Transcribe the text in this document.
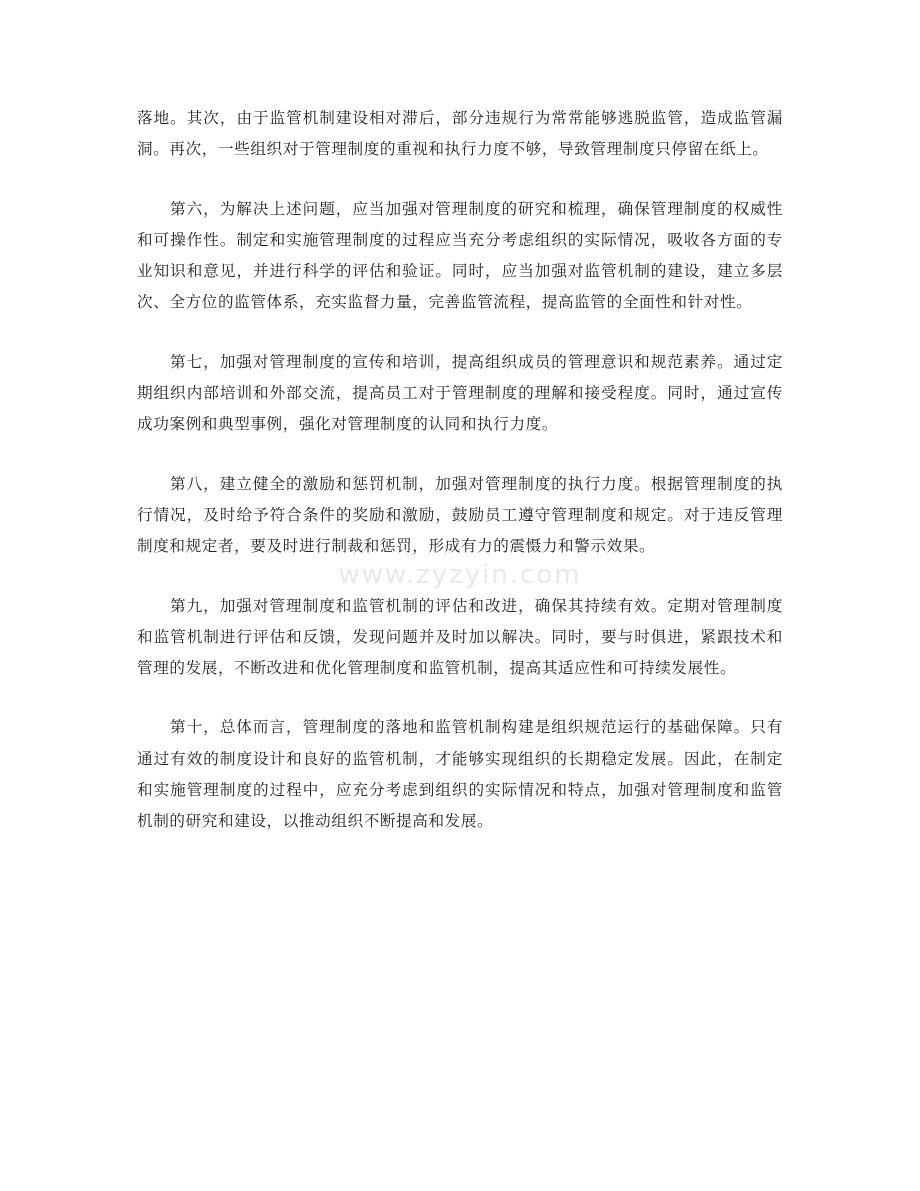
落地。其次，由于监管机制建设相对滞后，部分违规行为常常能够逃脱监管，造成监管漏洞。再次，一些组织对于管理制度的重视和执行力度不够，导致管理制度只停留在纸上。

第六，为解决上述问题，应当加强对管理制度的研究和梳理，确保管理制度的权威性和可操作性。制定和实施管理制度的过程应当充分考虑组织的实际情况，吸收各方面的专业知识和意见，并进行科学的评估和验证。同时，应当加强对监管机制的建设，建立多层次、全方位的监管体系，充实监督力量，完善监管流程，提高监管的全面性和针对性。

第七，加强对管理制度的宣传和培训，提高组织成员的管理意识和规范素养。通过定期组织内部培训和外部交流，提高员工对于管理制度的理解和接受程度。同时，通过宣传成功案例和典型事例，强化对管理制度的认同和执行力度。

第八，建立健全的激励和惩罚机制，加强对管理制度的执行力度。根据管理制度的执行情况，及时给予符合条件的奖励和激励，鼓励员工遵守管理制度和规定。对于违反管理制度和规定者，要及时进行制裁和惩罚，形成有力的震慑力和警示效果。

第九，加强对管理制度和监管机制的评估和改进，确保其持续有效。定期对管理制度和监管机制进行评估和反馈，发现问题并及时加以解决。同时，要与时俱进，紧跟技术和管理的发展，不断改进和优化管理制度和监管机制，提高其适应性和可持续发展性。

第十，总体而言，管理制度的落地和监管机制构建是组织规范运行的基础保障。只有通过有效的制度设计和良好的监管机制，才能够实现组织的长期稳定发展。因此，在制定和实施管理制度的过程中，应充分考虑到组织的实际情况和特点，加强对管理制度和监管机制的研究和建设，以推动组织不断提高和发展。

www.zyzyin.com
